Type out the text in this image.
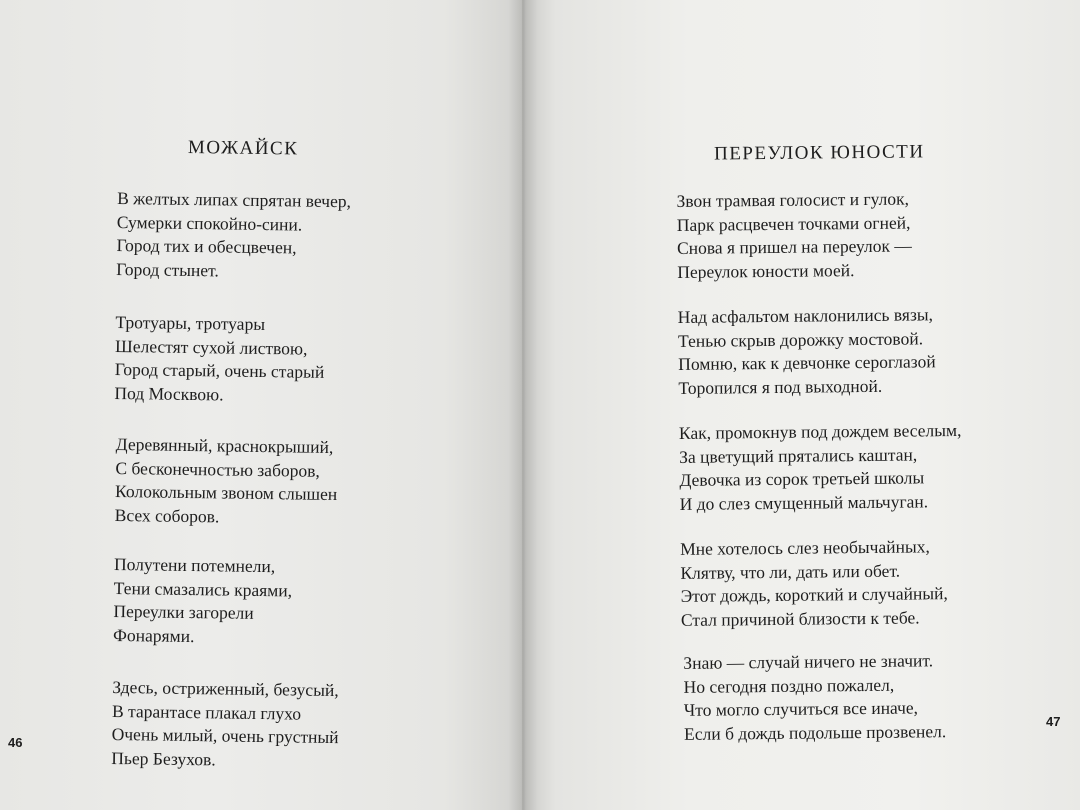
МОЖАЙСК
В желтых липах спрятан вечер,
Сумерки спокойно-сини.
Город тих и обесцвечен,
Город стынет.
Тротуары, тротуары
Шелестят сухой листвою,
Город старый, очень старый
Под Москвою.
Деревянный, краснокрыший,
С бесконечностью заборов,
Колокольным звоном слышен
Всех соборов.
Полутени потемнели,
Тени смазались краями,
Переулки загорели
Фонарями.
Здесь, остриженный, безусый,
В тарантасе плакал глухо
Очень милый, очень грустный
Пьер Безухов.
46
ПЕРЕУЛОК ЮНОСТИ
Звон трамвая голосист и гулок,
Парк расцвечен точками огней,
Снова я пришел на переулок —
Переулок юности моей.
Над асфальтом наклонились вязы,
Тенью скрыв дорожку мостовой.
Помню, как к девчонке сероглазой
Торопился я под выходной.
Как, промокнув под дождем веселым,
За цветущий прятались каштан,
Девочка из сорок третьей школы
И до слез смущенный мальчуган.
Мне хотелось слез необычайных,
Клятву, что ли, дать или обет.
Этот дождь, короткий и случайный,
Стал причиной близости к тебе.
Знаю — случай ничего не значит.
Но сегодня поздно пожалел,
Что могло случиться все иначе,
Если б дождь подольше прозвенел.	47
